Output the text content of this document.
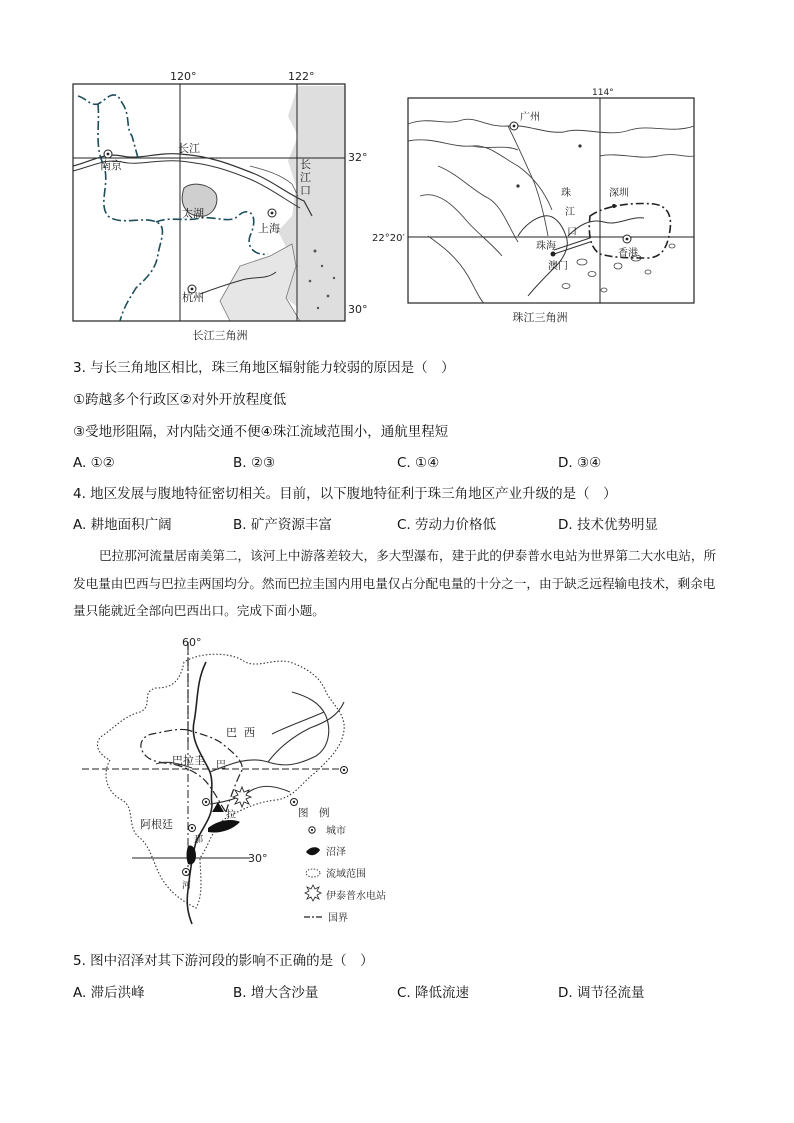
120°	122°
32°
30°
南京
长江
长
江
口
太湖
上海
杭州
长江三角洲
114°
22°20′
广州
珠
江
口
深圳
珠海
澳门
香港
珠江三角洲
3. 与长三角地区相比，珠三角地区辐射能力较弱的原因是（　）
①跨越多个行政区②对外开放程度低
③受地形阻隔，对内陆交通不便④珠江流域范围小，通航里程短
A. ①②	B. ②③	C. ①④	D. ③④
4. 地区发展与腹地特征密切相关。目前，以下腹地特征利于珠三角地区产业升级的是（　）
A. 耕地面积广阔	B. 矿产资源丰富	C. 劳动力价格低	D. 技术优势明显
巴拉那河流量居南美第二，该河上中游落差较大，多大型瀑布，建于此的伊泰普水电站为世界第二大水电站，所发电量由巴西与巴拉圭两国均分。然而巴拉圭国内用电量仅占分配电量的十分之一，由于缺乏远程输电技术，剩余电量只能就近全部向巴西出口。完成下面小题。
60°
30°
巴 西
巴拉圭
阿根廷
巴
拉
那
河
图　例
城市
沼泽
流域范围
伊泰普水电站
国界
5. 图中沼泽对其下游河段的影响不正确的是（　）
A. 滞后洪峰	B. 增大含沙量	C. 降低流速	D. 调节径流量
